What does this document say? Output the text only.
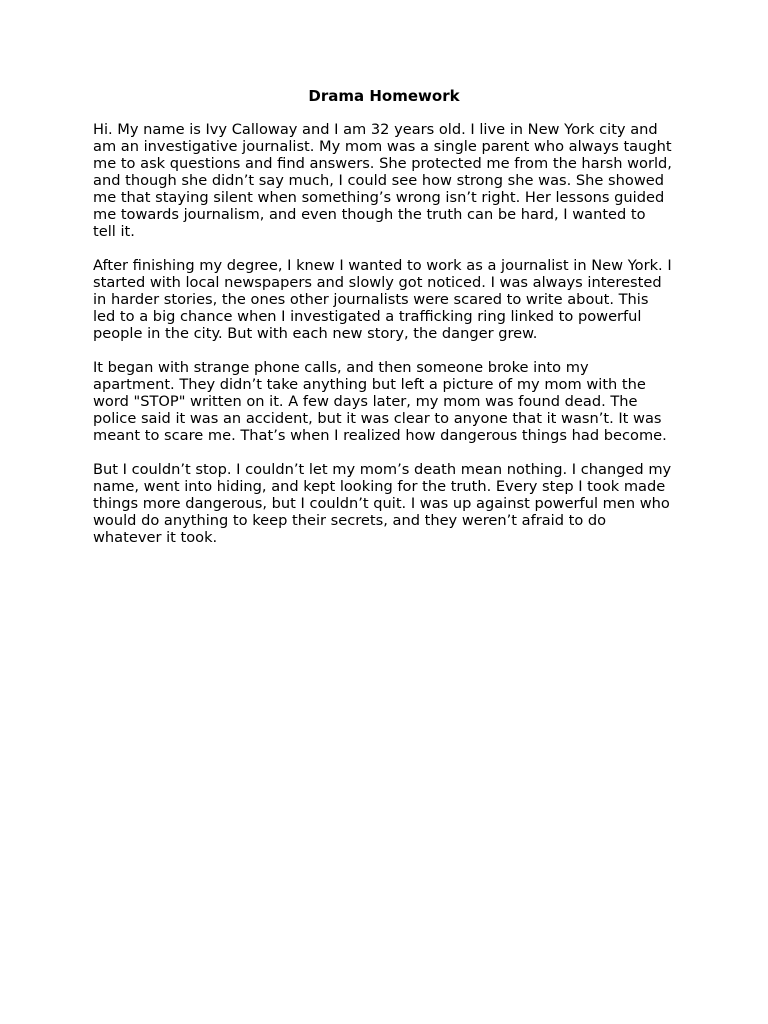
Drama Homework

Hi. My name is Ivy Calloway and I am 32 years old. I live in New York city and am an investigative journalist. My mom was a single parent who always taught me to ask questions and find answers. She protected me from the harsh world, and though she didn’t say much, I could see how strong she was. She showed me that staying silent when something’s wrong isn’t right. Her lessons guided me towards journalism, and even though the truth can be hard, I wanted to tell it.

After finishing my degree, I knew I wanted to work as a journalist in New York. I started with local newspapers and slowly got noticed. I was always interested in harder stories, the ones other journalists were scared to write about. This led to a big chance when I investigated a trafficking ring linked to powerful people in the city. But with each new story, the danger grew.

It began with strange phone calls, and then someone broke into my apartment. They didn’t take anything but left a picture of my mom with the word "STOP" written on it. A few days later, my mom was found dead. The police said it was an accident, but it was clear to anyone that it wasn’t. It was meant to scare me. That’s when I realized how dangerous things had become.

But I couldn’t stop. I couldn’t let my mom’s death mean nothing. I changed my name, went into hiding, and kept looking for the truth. Every step I took made things more dangerous, but I couldn’t quit. I was up against powerful men who would do anything to keep their secrets, and they weren’t afraid to do whatever it took.
